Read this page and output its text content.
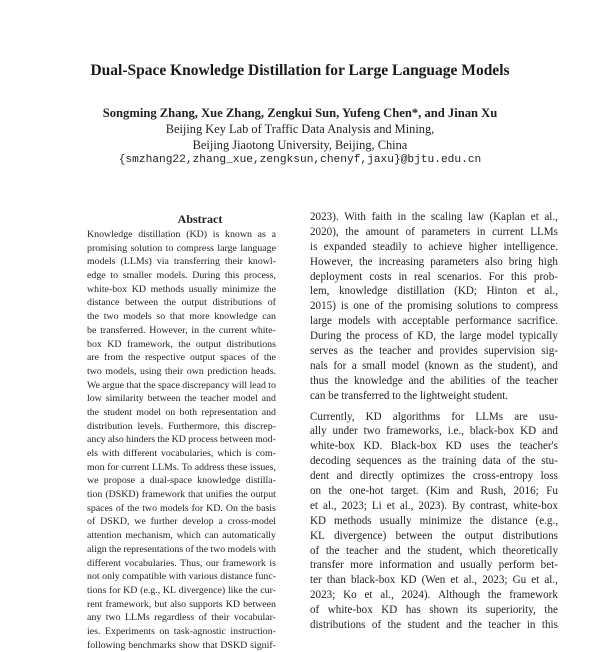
Dual-Space Knowledge Distillation for Large Language Models
Songming Zhang, Xue Zhang, Zengkui Sun, Yufeng Chen*, and Jinan Xu
Beijing Key Lab of Traffic Data Analysis and Mining,
Beijing Jiaotong University, Beijing, China
{smzhang22,zhang_xue,zengksun,chenyf,jaxu}@bjtu.edu.cn
Abstract
Knowledge distillation (KD) is known as a
promising solution to compress large language
models (LLMs) via transferring their knowl-
edge to smaller models. During this process,
white-box KD methods usually minimize the
distance between the output distributions of
the two models so that more knowledge can
be transferred. However, in the current white-
box KD framework, the output distributions
are from the respective output spaces of the
two models, using their own prediction heads.
We argue that the space discrepancy will lead to
low similarity between the teacher model and
the student model on both representation and
distribution levels. Furthermore, this discrep-
ancy also hinders the KD process between mod-
els with different vocabularies, which is com-
mon for current LLMs. To address these issues,
we propose a dual-space knowledge distilla-
tion (DSKD) framework that unifies the output
spaces of the two models for KD. On the basis
of DSKD, we further develop a cross-model
attention mechanism, which can automatically
align the representations of the two models with
different vocabularies. Thus, our framework is
not only compatible with various distance func-
tions for KD (e.g., KL divergence) like the cur-
rent framework, but also supports KD between
any two LLMs regardless of their vocabular-
ies. Experiments on task-agnostic instruction-
following benchmarks show that DSKD signif-
2023). With faith in the scaling law (Kaplan et al.,
2020), the amount of parameters in current LLMs
is expanded steadily to achieve higher intelligence.
However, the increasing parameters also bring high
deployment costs in real scenarios. For this prob-
lem, knowledge distillation (KD; Hinton et al.,
2015) is one of the promising solutions to compress
large models with acceptable performance sacrifice.
During the process of KD, the large model typically
serves as the teacher and provides supervision sig-
nals for a small model (known as the student), and
thus the knowledge and the abilities of the teacher
can be transferred to the lightweight student.
Currently, KD algorithms for LLMs are usu-
ally under two frameworks, i.e., black-box KD and
white-box KD. Black-box KD uses the teacher's
decoding sequences as the training data of the stu-
dent and directly optimizes the cross-entropy loss
on the one-hot target. (Kim and Rush, 2016; Fu
et al., 2023; Li et al., 2023). By contrast, white-box
KD methods usually minimize the distance (e.g.,
KL divergence) between the output distributions
of the teacher and the student, which theoretically
transfer more information and usually perform bet-
ter than black-box KD (Wen et al., 2023; Gu et al.,
2023; Ko et al., 2024). Although the framework
of white-box KD has shown its superiority, the
distributions of the student and the teacher in this
